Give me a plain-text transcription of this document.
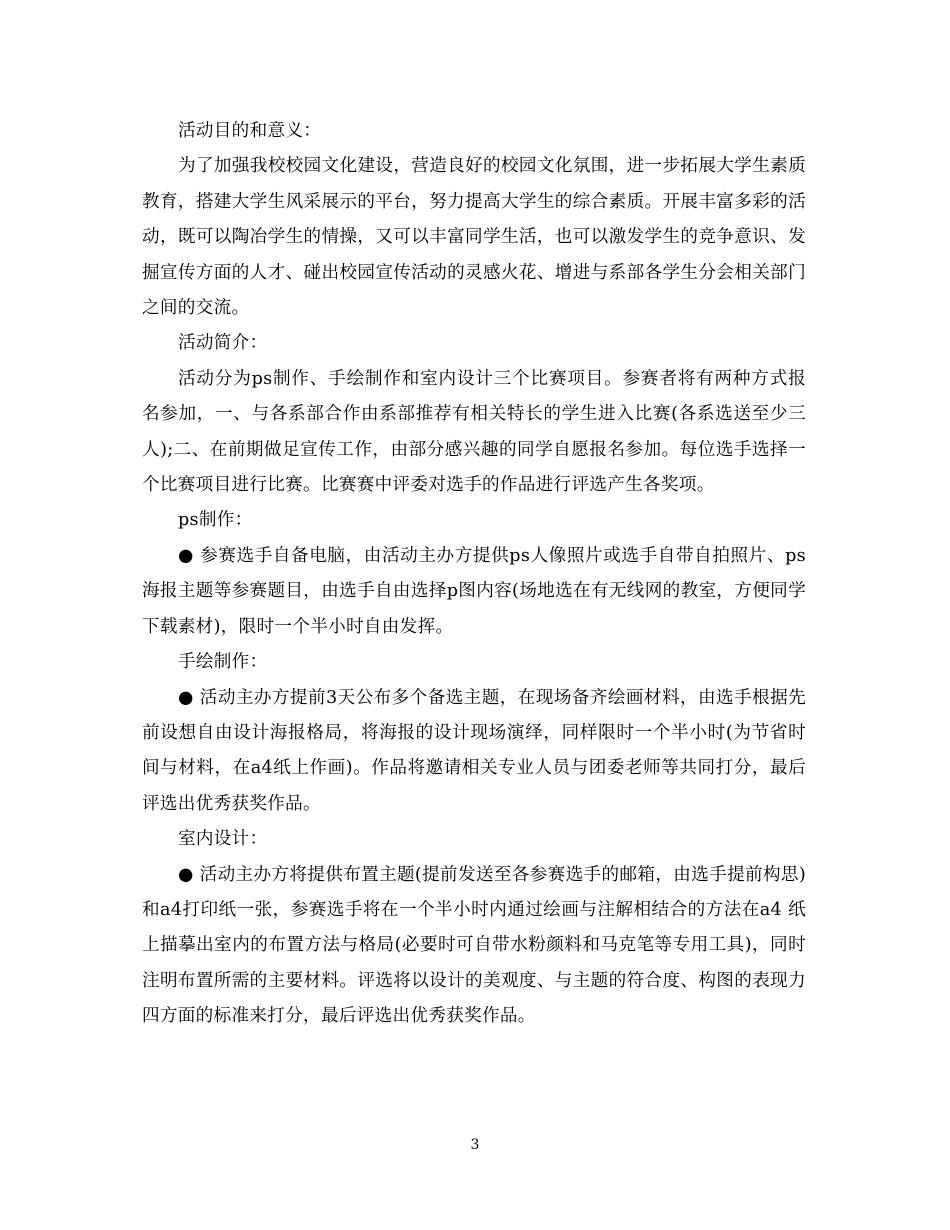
活动目的和意义：

为了加强我校校园文化建设，营造良好的校园文化氛围，进一步拓展大学生素质教育，搭建大学生风采展示的平台，努力提高大学生的综合素质。开展丰富多彩的活动，既可以陶冶学生的情操，又可以丰富同学生活，也可以激发学生的竞争意识、发掘宣传方面的人才、碰出校园宣传活动的灵感火花、增进与系部各学生分会相关部门之间的交流。

活动简介：

活动分为ps制作、手绘制作和室内设计三个比赛项目。参赛者将有两种方式报名参加，一、与各系部合作由系部推荐有相关特长的学生进入比赛(各系选送至少三人);二、在前期做足宣传工作，由部分感兴趣的同学自愿报名参加。每位选手选择一个比赛项目进行比赛。比赛赛中评委对选手的作品进行评选产生各奖项。

ps制作：

● 参赛选手自备电脑，由活动主办方提供ps人像照片或选手自带自拍照片、ps海报主题等参赛题目，由选手自由选择p图内容(场地选在有无线网的教室，方便同学下载素材)，限时一个半小时自由发挥。

手绘制作：

● 活动主办方提前3天公布多个备选主题，在现场备齐绘画材料，由选手根据先前设想自由设计海报格局，将海报的设计现场演绎，同样限时一个半小时(为节省时间与材料，在a4纸上作画)。作品将邀请相关专业人员与团委老师等共同打分，最后评选出优秀获奖作品。

室内设计：

● 活动主办方将提供布置主题(提前发送至各参赛选手的邮箱，由选手提前构思)和a4打印纸一张，参赛选手将在一个半小时内通过绘画与注解相结合的方法在a4 纸上描摹出室内的布置方法与格局(必要时可自带水粉颜料和马克笔等专用工具)，同时注明布置所需的主要材料。评选将以设计的美观度、与主题的符合度、构图的表现力四方面的标准来打分，最后评选出优秀获奖作品。

3
